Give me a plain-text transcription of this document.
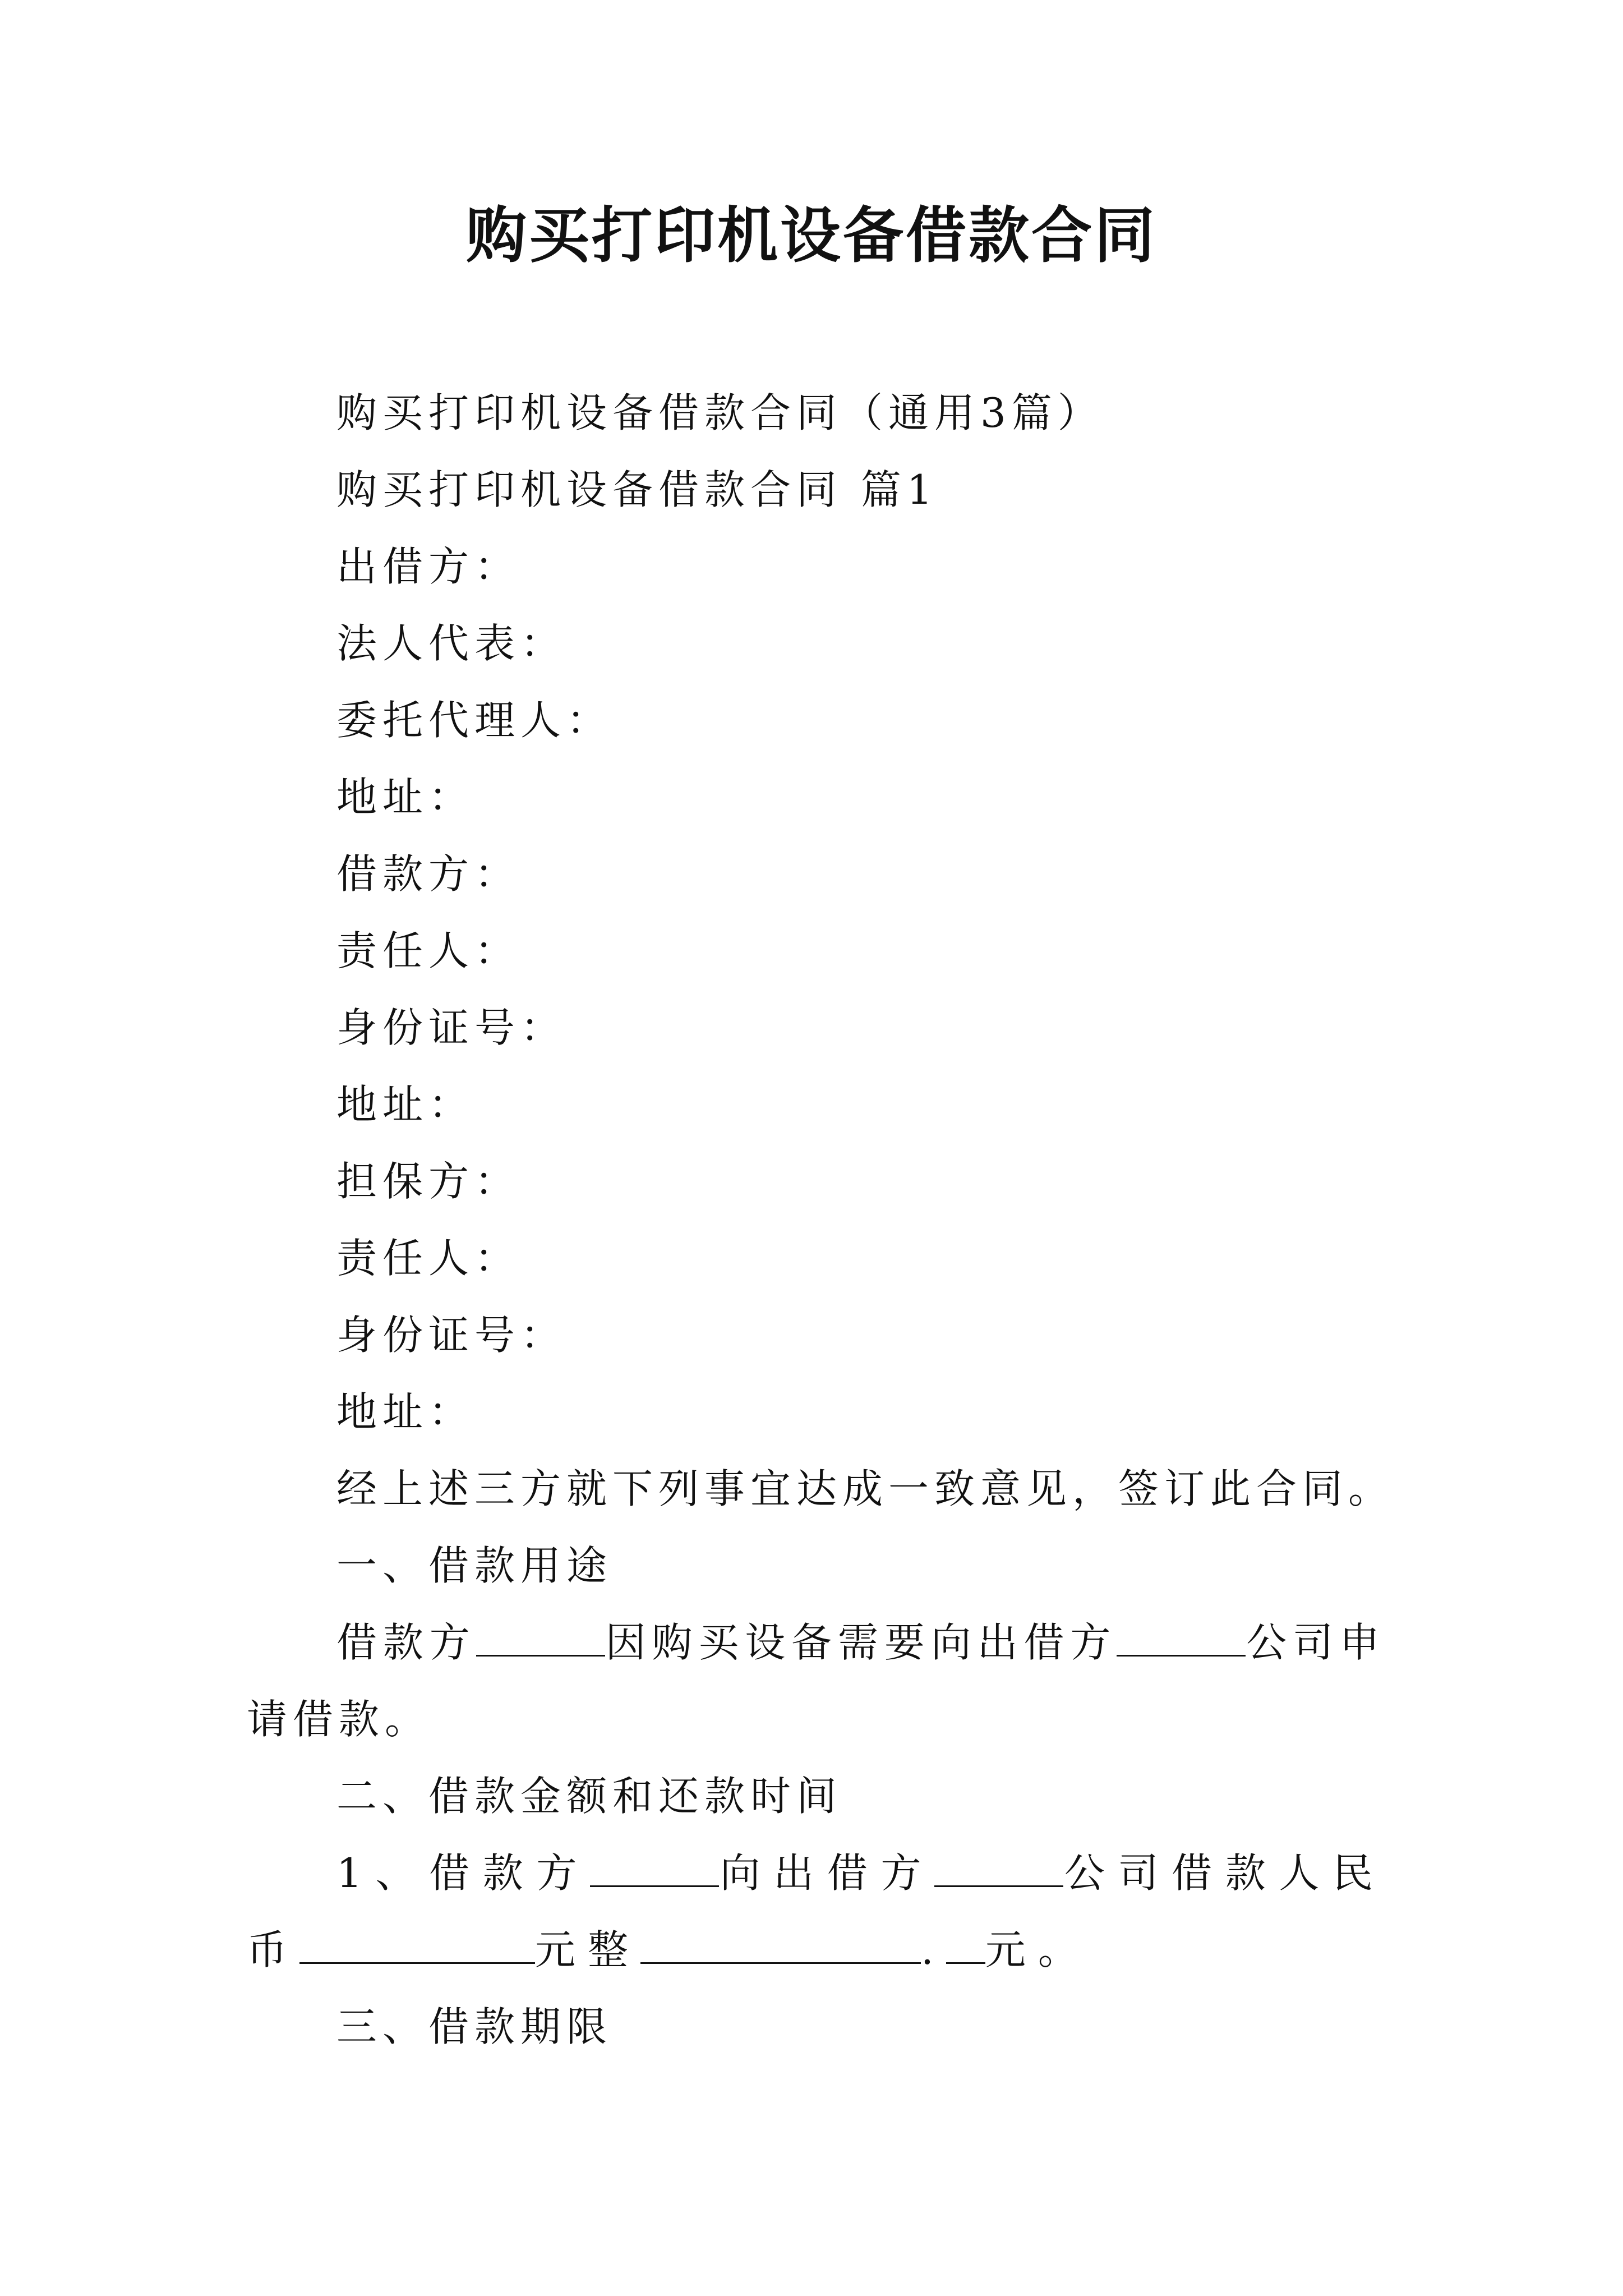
购买打印机设备借款合同
购买打印机设备借款合同（通用3篇）
购买打印机设备借款合同 篇1
出借方：
法人代表：
委托代理人：
地址：
借款方：
责任人：
身份证号：
地址：
担保方：
责任人：
身份证号：
地址：
经上述三方就下列事宜达成一致意见，签订此合同。
一、借款用途
借款方	因购买设备需要向出借方	公司申请借款。
二、借款金额和还款时间
1、借款方	向出借方	公司借款人民币	元整	. 元。
三、借款期限
